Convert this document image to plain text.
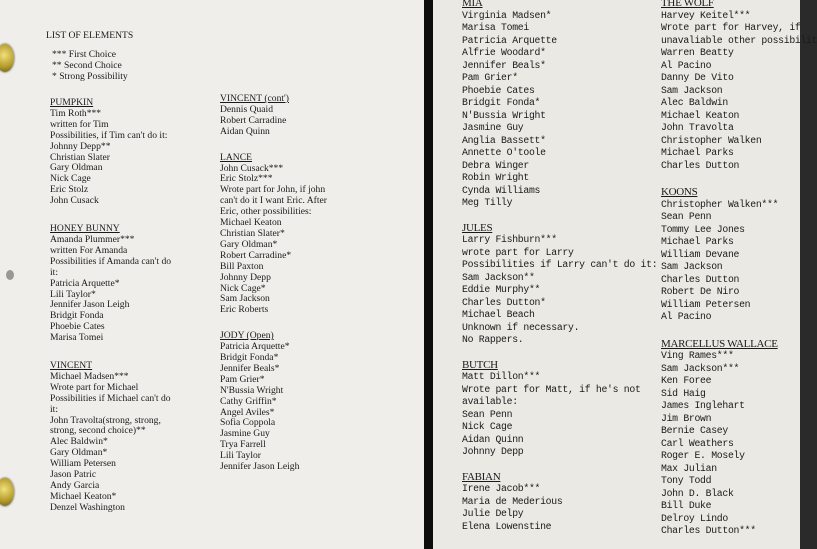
LIST OF ELEMENTS
*** First Choice
** Second Choice
* Strong Possibility
PUMPKIN
Tim Roth***
written for Tim
Possibilities, if Tim can't do it:
Johnny Depp**
Christian Slater
Gary Oldman
Nick Cage
Eric Stolz
John Cusack
HONEY BUNNY
Amanda Plummer***
written For Amanda
Possibilities if Amanda can't do
it:
Patricia Arquette*
Lili Taylor*
Jennifer Jason Leigh
Bridgit Fonda
Phoebie Cates
Marisa Tomei
VINCENT
Michael Madsen***
Wrote part for Michael
Possibilities if Michael can't do
it:
John Travolta(strong, strong,
strong, second choice)**
Alec Baldwin*
Gary Oldman*
William Petersen
Jason Patric
Andy Garcia
Michael Keaton*
Denzel Washington
VINCENT (cont')
Dennis Quaid
Robert Carradine
Aidan Quinn
LANCE
John Cusack***
Eric Stolz***
Wrote part for John, if john
can't do it I want Eric. After
Eric, other possibilities:
Michael Keaton
Christian Slater*
Gary Oldman*
Robert Carradine*
Bill Paxton
Johnny Depp
Nick Cage*
Sam Jackson
Eric Roberts
JODY (Open)
Patricia Arquette*
Bridgit Fonda*
Jennifer Beals*
Pam Grier*
N'Bussia Wright
Cathy Griffin*
Angel Aviles*
Sofia Coppola
Jasmine Guy
Trya Farrell
Lili Taylor
Jennifer Jason Leigh
MIA
Virginia Madsen*
Marisa Tomei
Patricia Arquette
Alfrie Woodard*
Jennifer Beals*
Pam Grier*
Phoebie Cates
Bridgit Fonda*
N'Bussia Wright
Jasmine Guy
Anglia Bassett*
Annette O'toole
Debra Winger
Robin Wright
Cynda Williams
Meg Tilly
JULES
Larry Fishburn***
wrote part for Larry
Possibilities if Larry can't do it:
Sam Jackson**
Eddie Murphy**
Charles Dutton*
Michael Beach
Unknown if necessary.
No Rappers.
BUTCH
Matt Dillon***
Wrote part for Matt, if he's not
available:
Sean Penn
Nick Cage
Aidan Quinn
Johnny Depp
FABIAN
Irene Jacob***
Maria de Mederious
Julie Delpy
Elena Lowenstine
THE WOLF
Harvey Keitel***
Wrote part for Harvey, if
unavaliable other possibilit
Warren Beatty
Al Pacino
Danny De Vito
Sam Jackson
Alec Baldwin
Michael Keaton
John Travolta
Christopher Walken
Michael Parks
Charles Dutton
KOONS
Christopher Walken***
Sean Penn
Tommy Lee Jones
Michael Parks
William Devane
Sam Jackson
Charles Dutton
Robert De Niro
William Petersen
Al Pacino
MARCELLUS WALLACE
Ving Rames***
Sam Jackson***
Ken Foree
Sid Haig
James Inglehart
Jim Brown
Bernie Casey
Carl Weathers
Roger E. Mosely
Max Julian
Tony Todd
John D. Black
Bill Duke
Delroy Lindo
Charles Dutton***
